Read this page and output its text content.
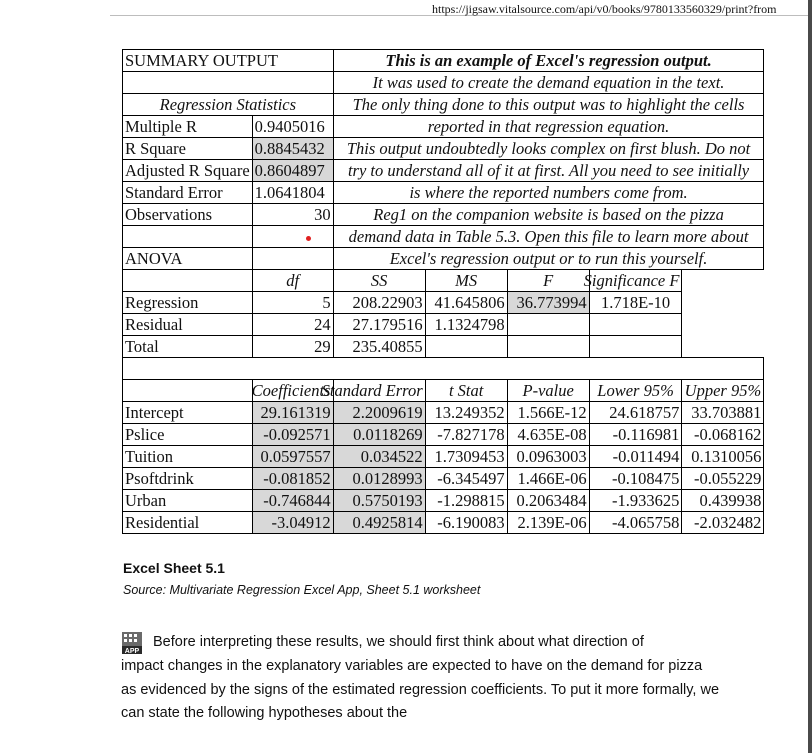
https://jigsaw.vitalsource.com/api/v0/books/9780133560329/print?from
SUMMARY OUTPUT		This is an example of Excel's regression output.				
		It was used to create the demand equation in the text.				
Regression Statistics		The only thing done to this output was to highlight the cells				
Multiple R	0.9405016	reported in that regression equation.				
R Square	0.8845432	This output undoubtedly looks complex on first blush. Do not				
Adjusted R Square	0.8604897	try to understand all of it at first. All you need to see initially				
Standard Error	1.0641804	is where the reported numbers come from.				
Observations	30	Reg1 on the companion website is based on the pizza				
		demand data in Table 5.3. Open this file to learn more about				
ANOVA		Excel's regression output or to run this yourself.				
	df	SS	MS	F	Significance F	
Regression	5	208.22903	41.645806	36.773994	1.718E-10	
Residual	24	27.179516	1.1324798			
Total	29	235.40855				

	Coefficients	Standard Error	t Stat	P-value	Lower 95%	Upper 95%
Intercept	29.161319	2.2009619	13.249352	1.566E-12	24.618757	33.703881
Pslice	-0.092571	0.0118269	-7.827178	4.635E-08	-0.116981	-0.068162
Tuition	0.0597557	0.034522	1.7309453	0.0963003	-0.011494	0.1310056
Psoftdrink	-0.081852	0.0128993	-6.345497	1.466E-06	-0.108475	-0.055229
Urban	-0.746844	0.5750193	-1.298815	0.2063484	-1.933625	0.439938
Residential	-3.04912	0.4925814	-6.190083	2.139E-06	-4.065758	-2.032482
Excel Sheet 5.1
Source: Multivariate Regression Excel App, Sheet 5.1 worksheet
APP
Before interpreting these results, we should first think about what direction of
impact changes in the explanatory variables are expected to have on the demand for pizza as evidenced by the signs of the estimated regression coefficients. To put it more formally, we can state the following hypotheses about the
